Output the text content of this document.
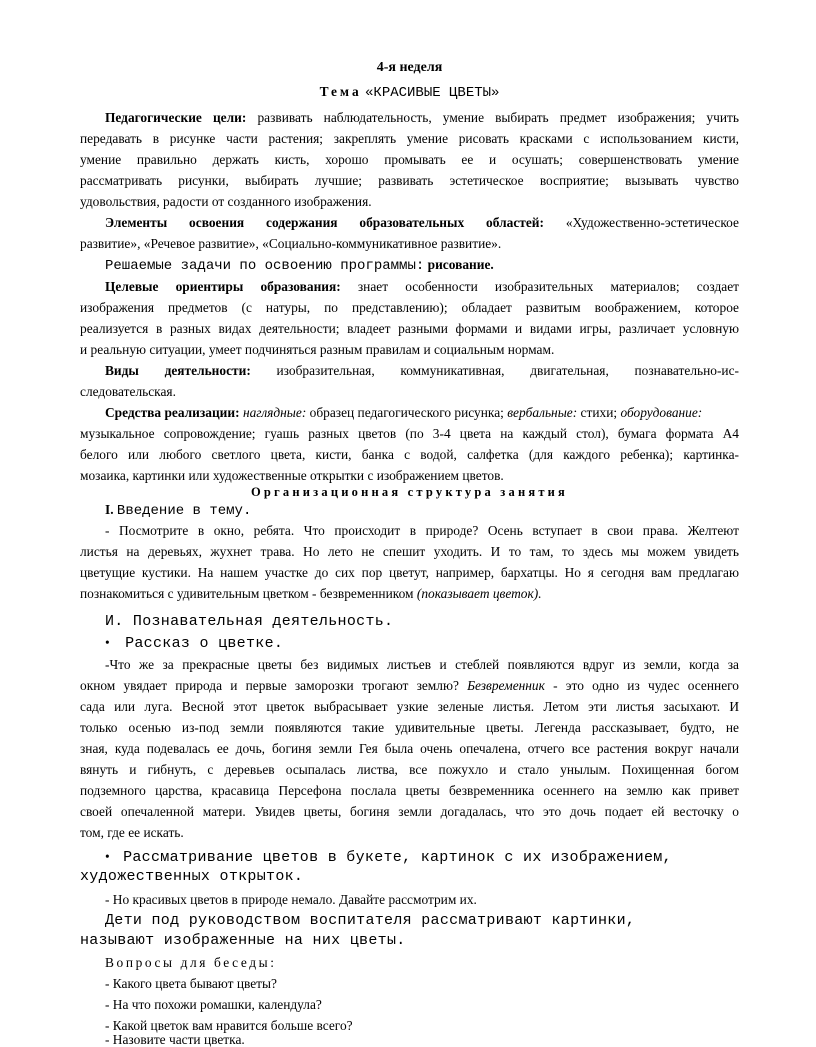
4-я неделя
Тема «КРАСИВЫЕ ЦВЕТЫ»
Педагогические цели: развивать наблюдательность, умение выбирать предмет изображения; учить
передавать в рисунке части растения; закреплять умение рисовать красками с использованием кисти,
умение правильно держать кисть, хорошо промывать ее и осушать; совершенствовать умение
рассматривать рисунки, выбирать лучшие; развивать эстетическое восприятие; вызывать чувство
удовольствия, радости от созданного изображения.
Элементы освоения содержания образовательных областей: «Художественно-эстетическое
развитие», «Речевое развитие», «Социально-коммуникативное развитие».
Решаемые задачи по освоению программы: рисование.
Целевые ориентиры образования: знает особенности изобразительных материалов; создает
изображения предметов (с натуры, по представлению); обладает развитым воображением, которое
реализуется в разных видах деятельности; владеет разными формами и видами игры, различает условную
и реальную ситуации, умеет подчиняться разным правилам и социальным нормам.
Виды деятельности: изобразительная, коммуникативная, двигательная, познавательно-ис-
следовательская.
Средства реализации: наглядные: образец педагогического рисунка; вербальные: стихи; оборудование:
музыкальное сопровождение; гуашь разных цветов (по 3-4 цвета на каждый стол), бумага формата А4
белого или любого светлого цвета, кисти, банка с водой, салфетка (для каждого ребенка); картинка-
мозаика, картинки или художественные открытки с изображением цветов.
Организационная структура занятия
I. Введение в тему.
- Посмотрите в окно, ребята. Что происходит в природе? Осень вступает в свои права. Желтеют
листья на деревьях, жухнет трава. Но лето не спешит уходить. И то там, то здесь мы можем увидеть
цветущие кустики. На нашем участке до сих пор цветут, например, бархатцы. Но я сегодня вам предлагаю
познакомиться с удивительным цветком - безвременником (показывает цветок).
И. Познавательная деятельность.
• Рассказ о цветке.
-Что же за прекрасные цветы без видимых листьев и стеблей появляются вдруг из земли, когда за
окном увядает природа и первые заморозки трогают землю? Безвременник - это одно из чудес осеннего
сада или луга. Весной этот цветок выбрасывает узкие зеленые листья. Летом эти листья засыхают. И
только осенью из-под земли появляются такие удивительные цветы. Легенда рассказывает, будто, не
зная, куда подевалась ее дочь, богиня земли Гея была очень опечалена, отчего все растения вокруг начали
вянуть и гибнуть, с деревьев осыпалась листва, все пожухло и стало унылым. Похищенная богом
подземного царства, красавица Персефона послала цветы безвременника осеннего на землю как привет
своей опечаленной матери. Увидев цветы, богиня земли догадалась, что это дочь подает ей весточку о
том, где ее искать.
• Рассматривание цветов в букете, картинок с их изображением,
художественных открыток.
- Но красивых цветов в природе немало. Давайте рассмотрим их.
Дети под руководством воспитателя рассматривают картинки,
называют изображенные на них цветы.
Вопросы для беседы:
- Какого цвета бывают цветы?
- На что похожи ромашки, календула?
- Какой цветок вам нравится больше всего?
- Назовите части цветка.
